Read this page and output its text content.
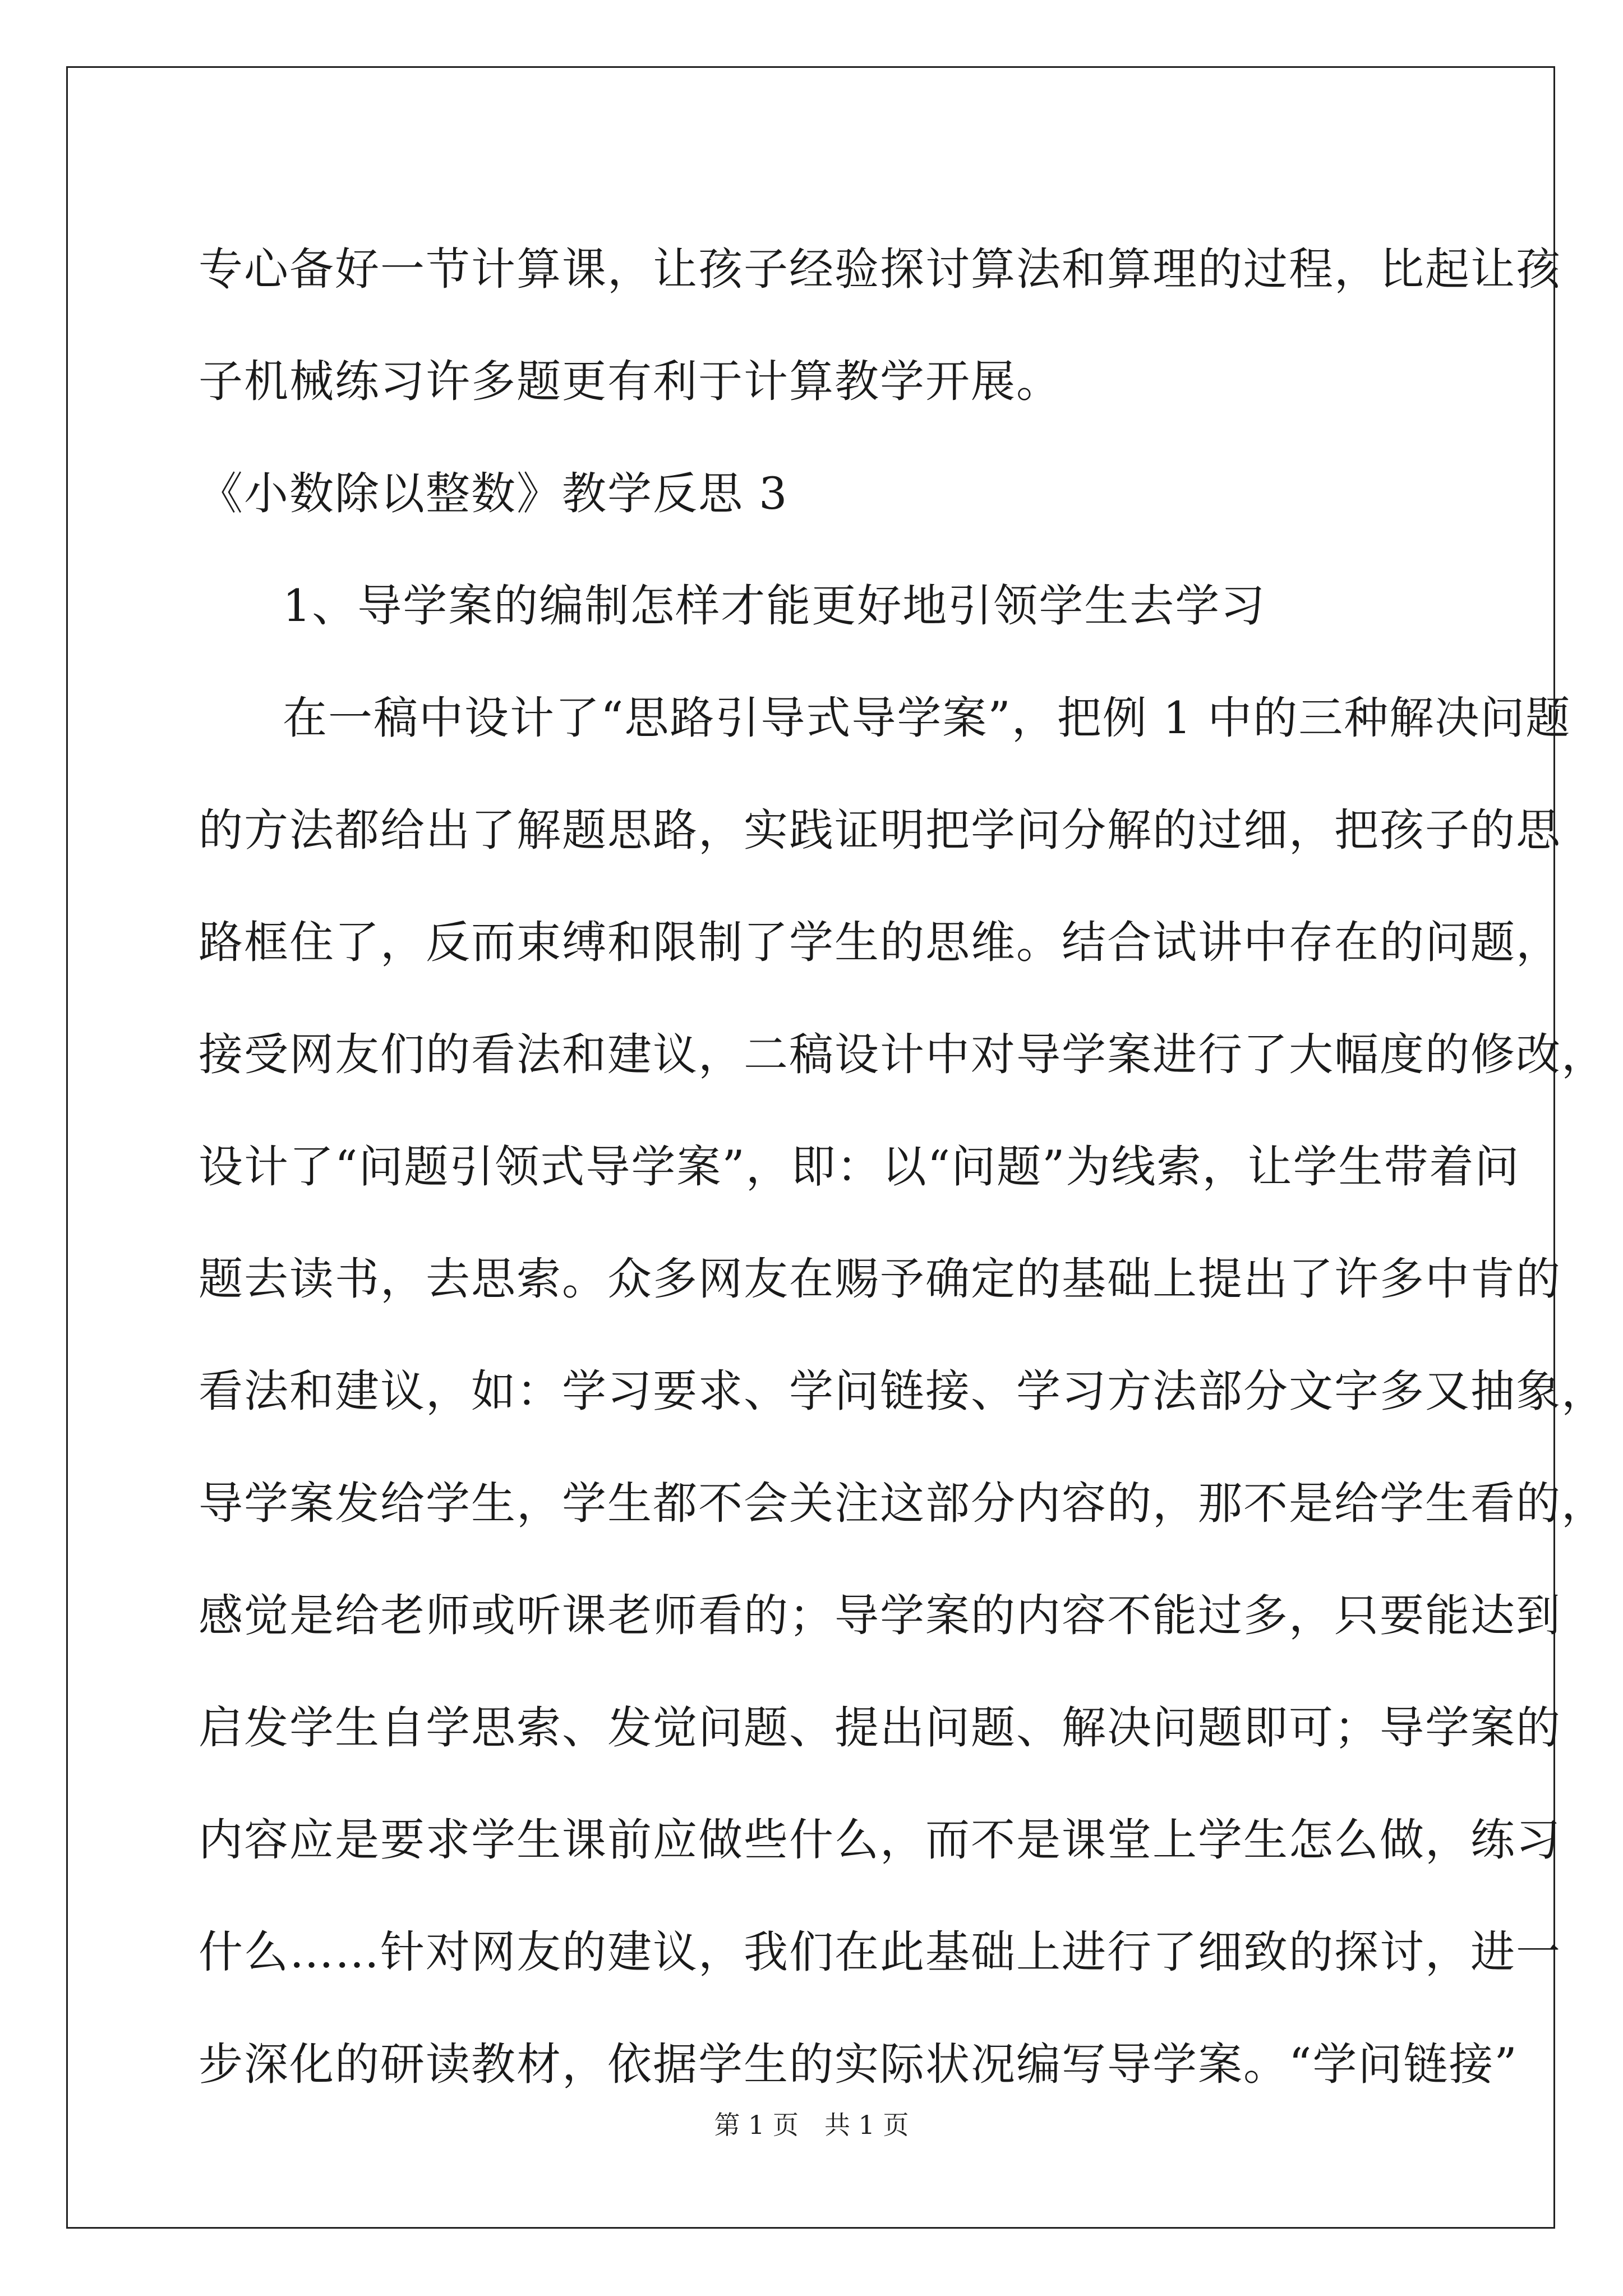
专心备好一节计算课，让孩子经验探讨算法和算理的过程，比起让孩
子机械练习许多题更有利于计算教学开展。
《小数除以整数》教学反思 3
1、导学案的编制怎样才能更好地引领学生去学习
在一稿中设计了“思路引导式导学案”，把例 1 中的三种解决问题
的方法都给出了解题思路，实践证明把学问分解的过细，把孩子的思
路框住了，反而束缚和限制了学生的思维。结合试讲中存在的问题，
接受网友们的看法和建议，二稿设计中对导学案进行了大幅度的修改，
设计了“问题引领式导学案”，即：以“问题”为线索，让学生带着问
题去读书，去思索。众多网友在赐予确定的基础上提出了许多中肯的
看法和建议，如：学习要求、学问链接、学习方法部分文字多又抽象，
导学案发给学生，学生都不会关注这部分内容的，那不是给学生看的，
感觉是给老师或听课老师看的；导学案的内容不能过多，只要能达到
启发学生自学思索、发觉问题、提出问题、解决问题即可；导学案的
内容应是要求学生课前应做些什么，而不是课堂上学生怎么做，练习
什么……针对网友的建议，我们在此基础上进行了细致的探讨，进一
步深化的研读教材，依据学生的实际状况编写导学案。“学问链接”
第 1 页　共 1 页
